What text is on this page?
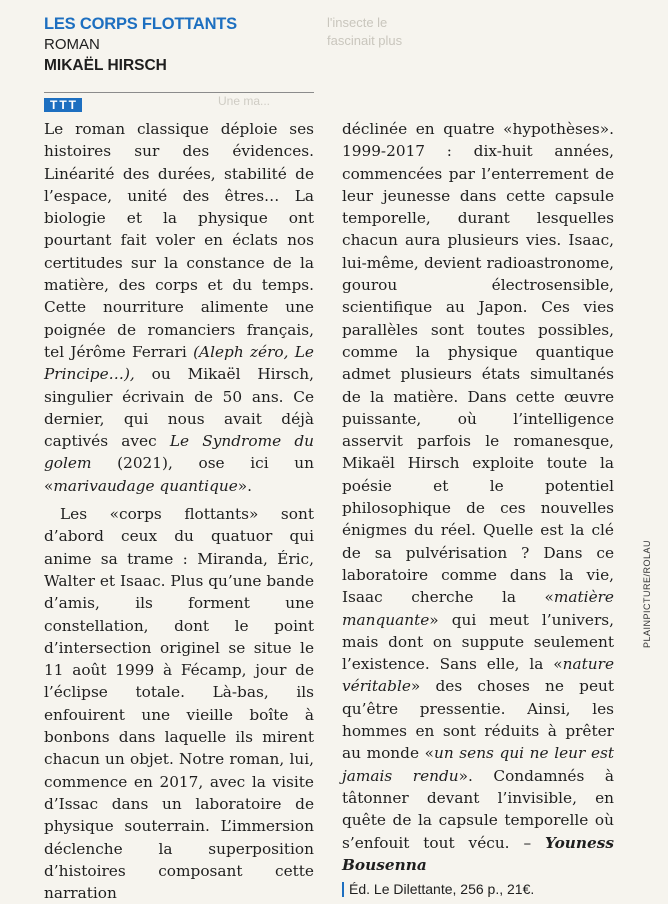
LES CORPS FLOTTANTS
ROMAN
MIKAËL HIRSCH
l'insecte le fascinait plus
Une ma...
T T T

Le roman classique déploie ses histoires sur des évidences. Linéarité des durées, stabilité de l’espace, unité des êtres… La biologie et la physique ont pourtant fait voler en éclats nos certitudes sur la constance de la matière, des corps et du temps. Cette nourriture alimente une poignée de romanciers français, tel Jérôme Ferrari (Aleph zéro, Le Principe…), ou Mikaël Hirsch, singulier écrivain de 50 ans. Ce dernier, qui nous avait déjà captivés avec Le Syndrome du golem (2021), ose ici un «marivaudage quantique».

Les «corps flottants» sont d’abord ceux du quatuor qui anime sa trame : Miranda, Éric, Walter et Isaac. Plus qu’une bande d’amis, ils forment une constellation, dont le point d’intersection originel se situe le 11 août 1999 à Fécamp, jour de l’éclipse totale. Là-bas, ils enfouirent une vieille boîte à bonbons dans laquelle ils mirent chacun un objet. Notre roman, lui, commence en 2017, avec la visite d’Issac dans un laboratoire de physique souterrain. L’immersion déclenche la superposition d’histoires composant cette narration

déclinée en quatre «hypothèses». 1999-2017 : dix-huit années, commencées par l’enterrement de leur jeunesse dans cette capsule temporelle, durant lesquelles chacun aura plusieurs vies. Isaac, lui-même, devient radioastronome, gourou électrosensible, scientifique au Japon. Ces vies parallèles sont toutes possibles, comme la physique quantique admet plusieurs états simultanés de la matière. Dans cette œuvre puissante, où l’intelligence asservit parfois le romanesque, Mikaël Hirsch exploite toute la poésie et le potentiel philosophique de ces nouvelles énigmes du réel. Quelle est la clé de sa pulvérisation ? Dans ce laboratoire comme dans la vie, Isaac cherche la «matière manquante» qui meut l’univers, mais dont on suppute seulement l’existence. Sans elle, la «nature véritable» des choses ne peut qu’être pressentie. Ainsi, les hommes en sont réduits à prêter au monde «un sens qui ne leur est jamais rendu». Condamnés à tâtonner devant l’invisible, en quête de la capsule temporelle où s’enfouit tout vécu. – Youness Bousenna

Éd. Le Dilettante, 256 p., 21€.
PLAINPICTURE/ROLAU
